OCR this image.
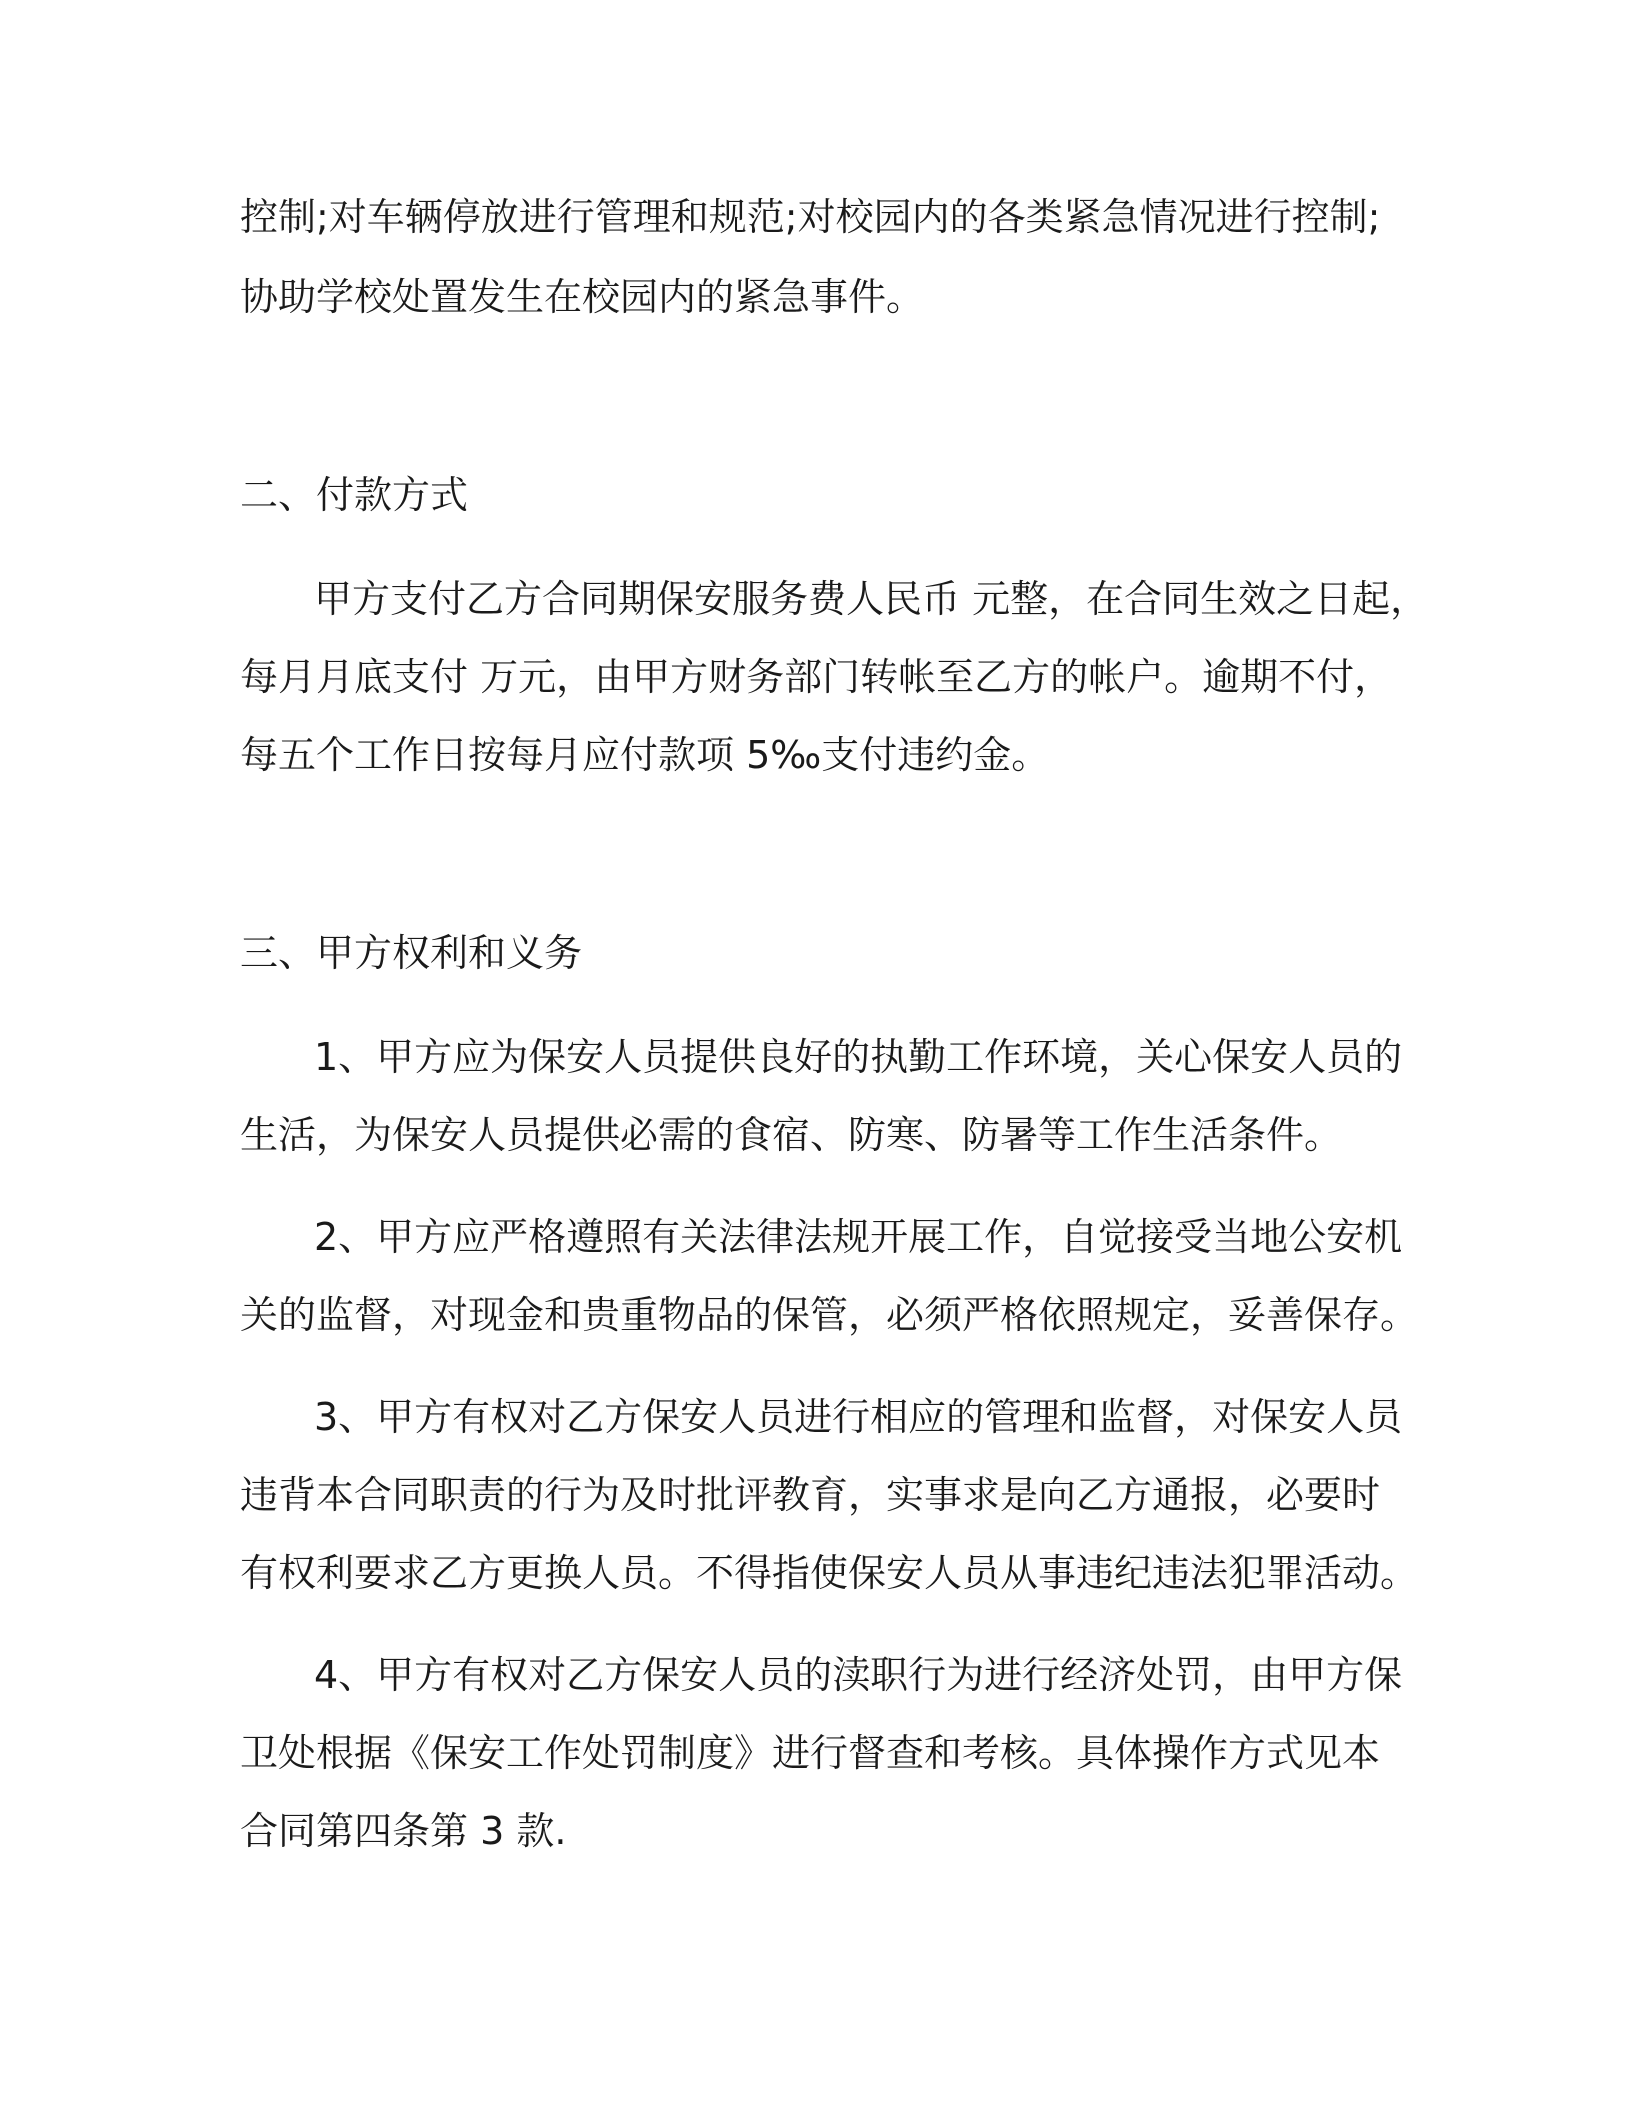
控制;对车辆停放进行管理和规范;对校园内的各类紧急情况进行控制;
协助学校处置发生在校园内的紧急事件。
二、付款方式
甲方支付乙方合同期保安服务费人民币 元整，在合同生效之日起，
每月月底支付 万元，由甲方财务部门转帐至乙方的帐户。逾期不付，
每五个工作日按每月应付款项 5‰支付违约金。
三、甲方权利和义务
1、甲方应为保安人员提供良好的执勤工作环境，关心保安人员的
生活，为保安人员提供必需的食宿、防寒、防暑等工作生活条件。
2、甲方应严格遵照有关法律法规开展工作，自觉接受当地公安机
关的监督，对现金和贵重物品的保管，必须严格依照规定，妥善保存。
3、甲方有权对乙方保安人员进行相应的管理和监督，对保安人员
违背本合同职责的行为及时批评教育，实事求是向乙方通报，必要时
有权利要求乙方更换人员。不得指使保安人员从事违纪违法犯罪活动。
4、甲方有权对乙方保安人员的渎职行为进行经济处罚，由甲方保
卫处根据《保安工作处罚制度》进行督查和考核。具体操作方式见本
合同第四条第 3 款.
